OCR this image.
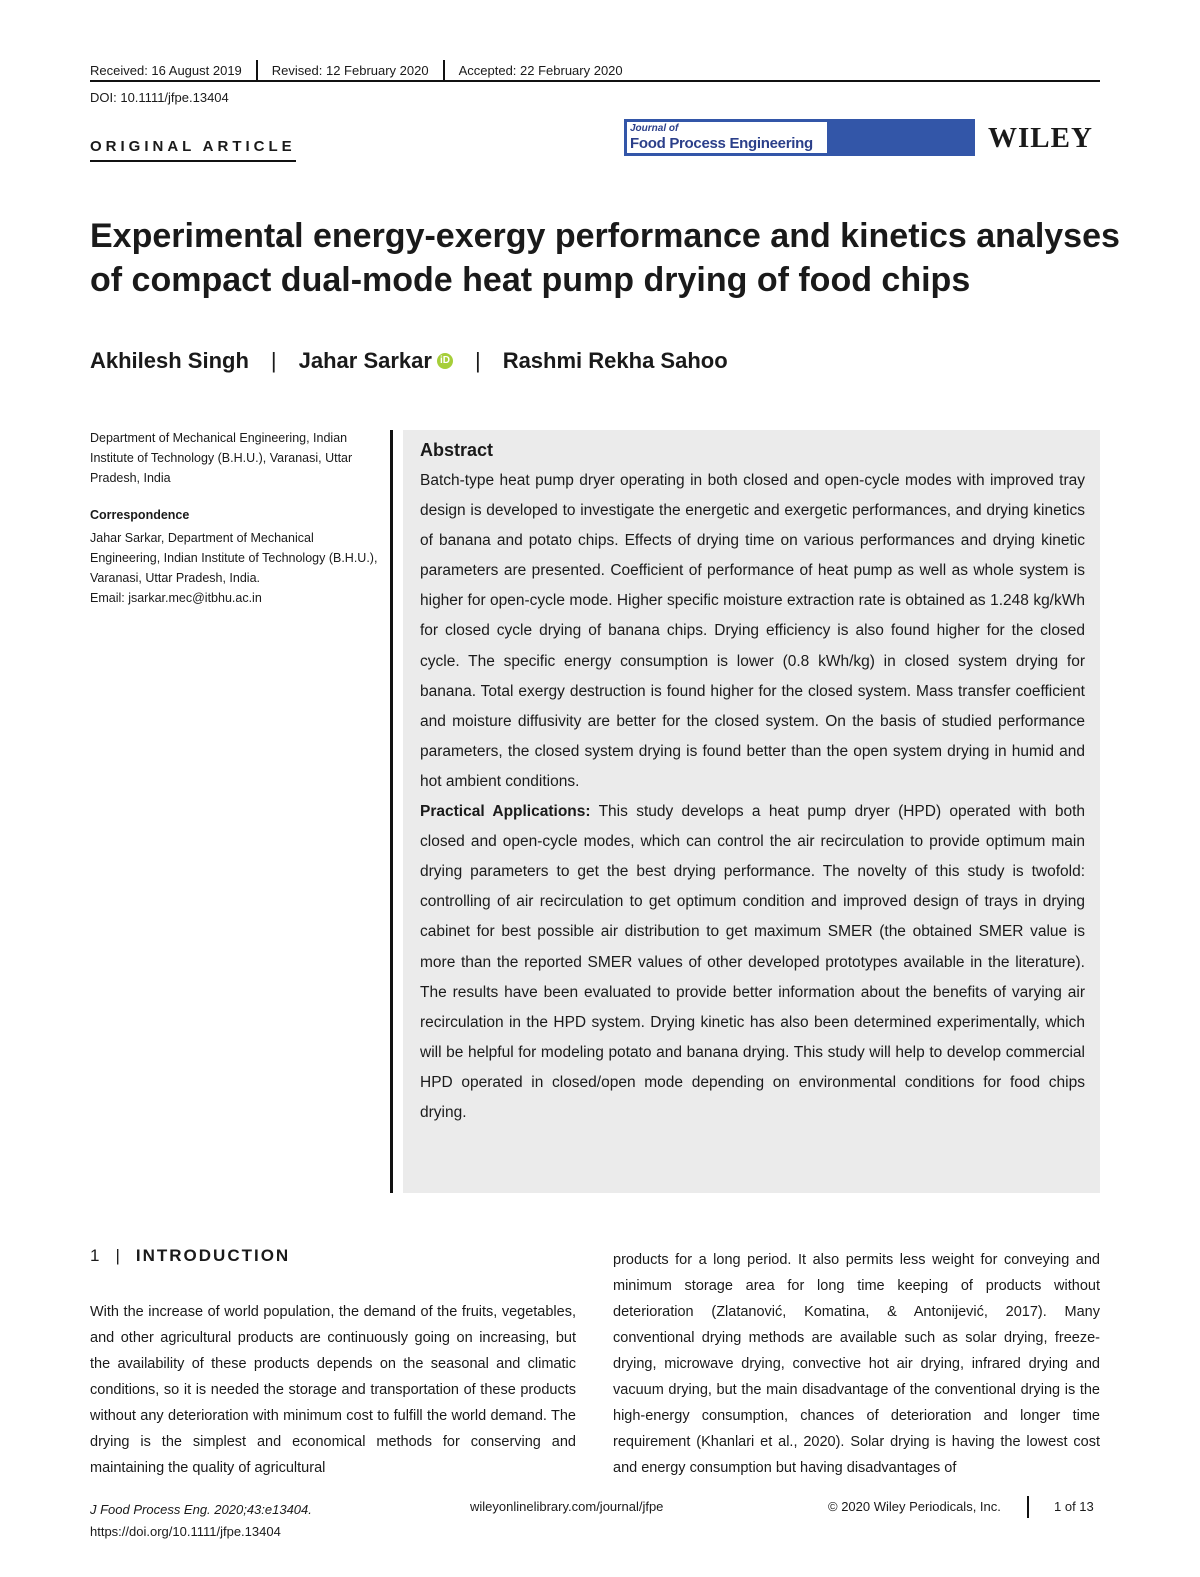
Received: 16 August 2019 Revised: 12 February 2020 Accepted: 22 February 2020
DOI: 10.1111/jfpe.13404
ORIGINAL ARTICLE
Journal of
Food Process Engineering	WILEY
Experimental energy-exergy performance and kinetics analyses of compact dual-mode heat pump drying of food chips
Akhilesh Singh | Jahar Sarkar iD | Rashmi Rekha Sahoo
Department of Mechanical Engineering, Indian Institute of Technology (B.H.U.), Varanasi, Uttar Pradesh, India
Correspondence
Jahar Sarkar, Department of Mechanical Engineering, Indian Institute of Technology (B.H.U.), Varanasi, Uttar Pradesh, India.
Email: jsarkar.mec@itbhu.ac.in
Abstract
Batch-type heat pump dryer operating in both closed and open-cycle modes with improved tray design is developed to investigate the energetic and exergetic performances, and drying kinetics of banana and potato chips. Effects of drying time on various performances and drying kinetic parameters are presented. Coefficient of performance of heat pump as well as whole system is higher for open-cycle mode. Higher specific moisture extraction rate is obtained as 1.248 kg/kWh for closed cycle drying of banana chips. Drying efficiency is also found higher for the closed cycle. The specific energy consumption is lower (0.8 kWh/kg) in closed system drying for banana. Total exergy destruction is found higher for the closed system. Mass transfer coefficient and moisture diffusivity are better for the closed system. On the basis of studied performance parameters, the closed system drying is found better than the open system drying in humid and hot ambient conditions.
Practical Applications: This study develops a heat pump dryer (HPD) operated with both closed and open-cycle modes, which can control the air recirculation to provide optimum main drying parameters to get the best drying performance. The novelty of this study is twofold: controlling of air recirculation to get optimum condition and improved design of trays in drying cabinet for best possible air distribution to get maximum SMER (the obtained SMER value is more than the reported SMER values of other developed prototypes available in the literature). The results have been evaluated to provide better information about the benefits of varying air recirculation in the HPD system. Drying kinetic has also been determined experimentally, which will be helpful for modeling potato and banana drying. This study will help to develop commercial HPD operated in closed/open mode depending on environmental conditions for food chips drying.
1 | INTRODUCTION
With the increase of world population, the demand of the fruits, vegetables, and other agricultural products are continuously going on increasing, but the availability of these products depends on the seasonal and climatic conditions, so it is needed the storage and transportation of these products without any deterioration with minimum cost to fulfill the world demand. The drying is the simplest and economical methods for conserving and maintaining the quality of agricultural
products for a long period. It also permits less weight for conveying and minimum storage area for long time keeping of products without deterioration (Zlatanović, Komatina, & Antonijević, 2017). Many conventional drying methods are available such as solar drying, freeze-drying, microwave drying, convective hot air drying, infrared drying and vacuum drying, but the main disadvantage of the conventional drying is the high-energy consumption, chances of deterioration and longer time requirement (Khanlari et al., 2020). Solar drying is having the lowest cost and energy consumption but having disadvantages of
J Food Process Eng. 2020;43:e13404.
https://doi.org/10.1111/jfpe.13404
wileyonlinelibrary.com/journal/jfpe	© 2020 Wiley Periodicals, Inc.	1 of 13
